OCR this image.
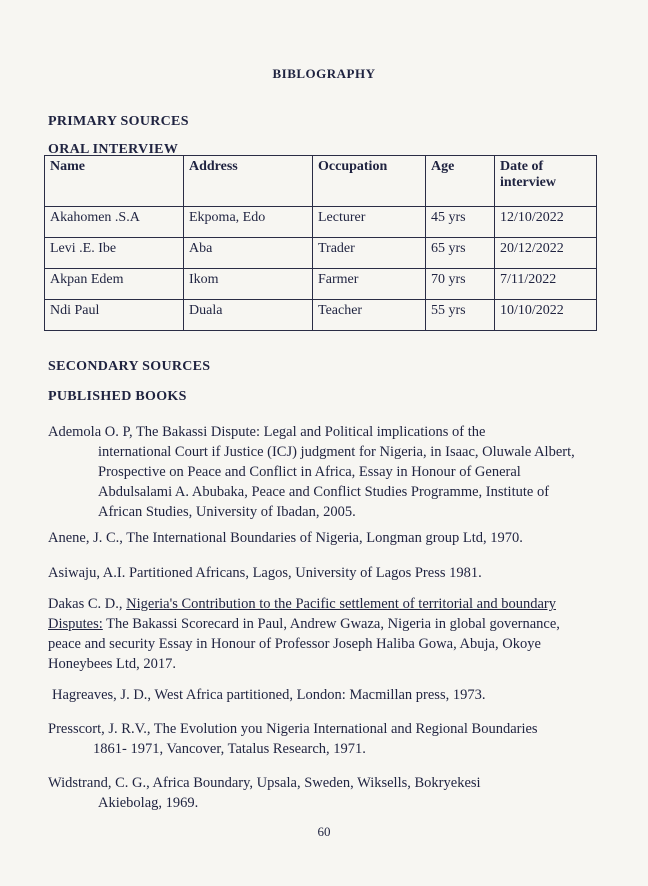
BIBLOGRAPHY
PRIMARY SOURCES
ORAL INTERVIEW
Name	Address	Occupation	Age	Date of interview
Akahomen .S.A	Ekpoma, Edo	Lecturer	45 yrs	12/10/2022
Levi .E. Ibe	Aba	Trader	65 yrs	20/12/2022
Akpan Edem	Ikom	Farmer	70 yrs	7/11/2022
Ndi Paul	Duala	Teacher	55 yrs	10/10/2022
SECONDARY SOURCES
PUBLISHED BOOKS
Ademola O. P, The Bakassi Dispute: Legal and Political implications of the
international Court if Justice (ICJ) judgment for Nigeria, in Isaac, Oluwale Albert, Prospective on Peace and Conflict in Africa, Essay in Honour of General Abdulsalami A. Abubaka, Peace and Conflict Studies Programme, Institute of African Studies, University of Ibadan, 2005.
Anene, J. C., The International Boundaries of Nigeria, Longman group Ltd, 1970.
Asiwaju, A.I. Partitioned Africans, Lagos, University of Lagos Press 1981.
Dakas C. D., Nigeria's Contribution to the Pacific settlement of territorial and boundary Disputes: The Bakassi Scorecard in Paul, Andrew Gwaza, Nigeria in global governance, peace and security Essay in Honour of Professor Joseph Haliba Gowa, Abuja, Okoye Honeybees Ltd, 2017.
Hagreaves, J. D., West Africa partitioned, London: Macmillan press, 1973.
Presscort, J. R.V., The Evolution you Nigeria International and Regional Boundaries
1861- 1971, Vancover, Tatalus Research, 1971.
Widstrand, C. G., Africa Boundary, Upsala, Sweden, Wiksells, Bokryekesi
Akiebolag, 1969.
60
